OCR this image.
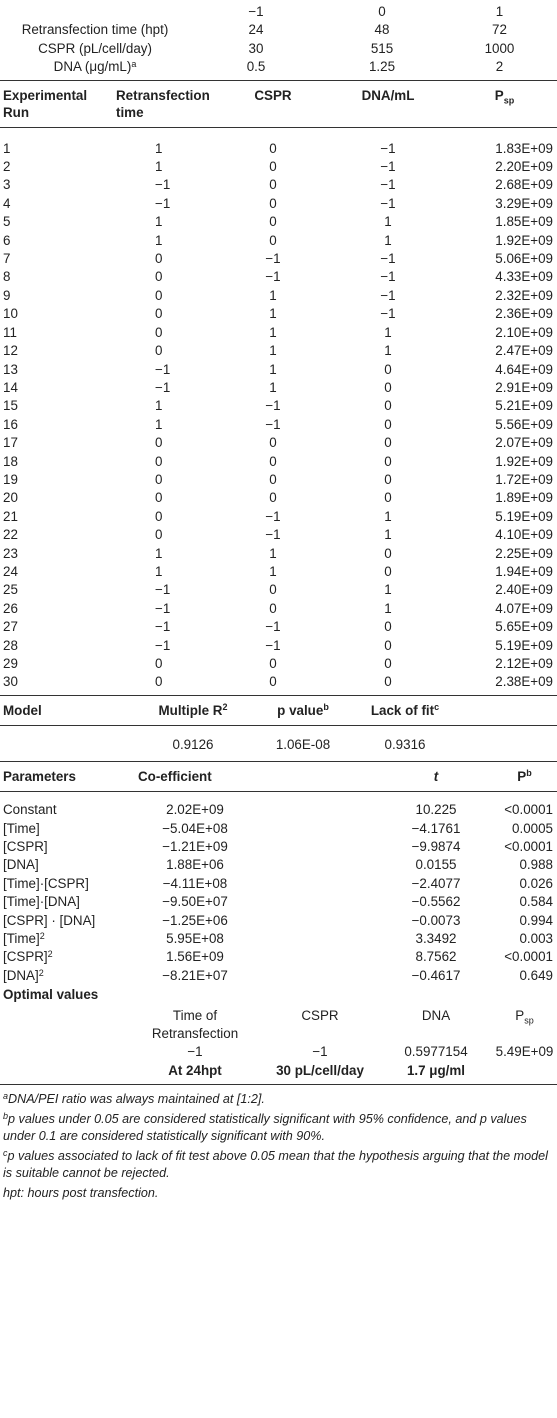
	−1	0	1
Retransfection time (hpt)	24	48	72
CSPR (pL/cell/day)	30	515	1000
DNA $(\mu g/mL)^a$	0.5	1.25	2
Experimental Run	Retransfection time	CSPR	DNA/mL	$P_{sp}$
1	1	0	−1	1.83E+09
2	1	0	−1	2.20E+09
3	−1	0	−1	2.68E+09
4	−1	0	−1	3.29E+09
5	1	0	1	1.85E+09
6	1	0	1	1.92E+09
7	0	−1	−1	5.06E+09
8	0	−1	−1	4.33E+09
9	0	1	−1	2.32E+09
10	0	1	−1	2.36E+09
11	0	1	1	2.10E+09
12	0	1	1	2.47E+09
13	−1	1	0	4.64E+09
14	−1	1	0	2.91E+09
15	1	−1	0	5.21E+09
16	1	−1	0	5.56E+09
17	0	0	0	2.07E+09
18	0	0	0	1.92E+09
19	0	0	0	1.72E+09
20	0	0	0	1.89E+09
21	0	−1	1	5.19E+09
22	0	−1	1	4.10E+09
23	1	1	0	2.25E+09
24	1	1	0	1.94E+09
25	−1	0	1	2.40E+09
26	−1	0	1	4.07E+09
27	−1	−1	0	5.65E+09
28	−1	−1	0	5.19E+09
29	0	0	0	2.12E+09
30	0	0	0	2.38E+09
Model	Multiple $R^2$	p value$^b$	Lack of fit$^c$	
	0.9126	1.06E-08	0.9316	
Parameters	Co-efficient		t	$P^b$
Constant	2.02E+09		10.225	<0.0001
[Time]	−5.04E+08		−4.1761	0.0005
[CSPR]	−1.21E+09		−9.9874	<0.0001
[DNA]	1.88E+06		0.0155	0.988
[Time]·[CSPR]	−4.11E+08		−2.4077	0.026
[Time]·[DNA]	−9.50E+07		−0.5562	0.584
[CSPR] · [DNA]	−1.25E+06		−0.0073	0.994
[Time]$^2$	5.95E+08		3.3492	0.003
[CSPR]$^2$	1.56E+09		8.7562	<0.0001
[DNA]$^2$	−8.21E+07		−0.4617	0.649
Optimal values
	Time of Retransfection	CSPR	DNA	$P_{sp}$
	−1	−1	0.5977154	5.49E+09
	At 24hpt	30 pL/cell/day	1.7 μg/ml	

$^a$DNA/PEI ratio was always maintained at [1:2].

$^b$p values under 0.05 are considered statistically significant with 95% confidence, and p values under 0.1 are considered statistically significant with 90%.

$^c$p values associated to lack of fit test above 0.05 mean that the hypothesis arguing that the model is suitable cannot be rejected.

hpt: hours post transfection.
